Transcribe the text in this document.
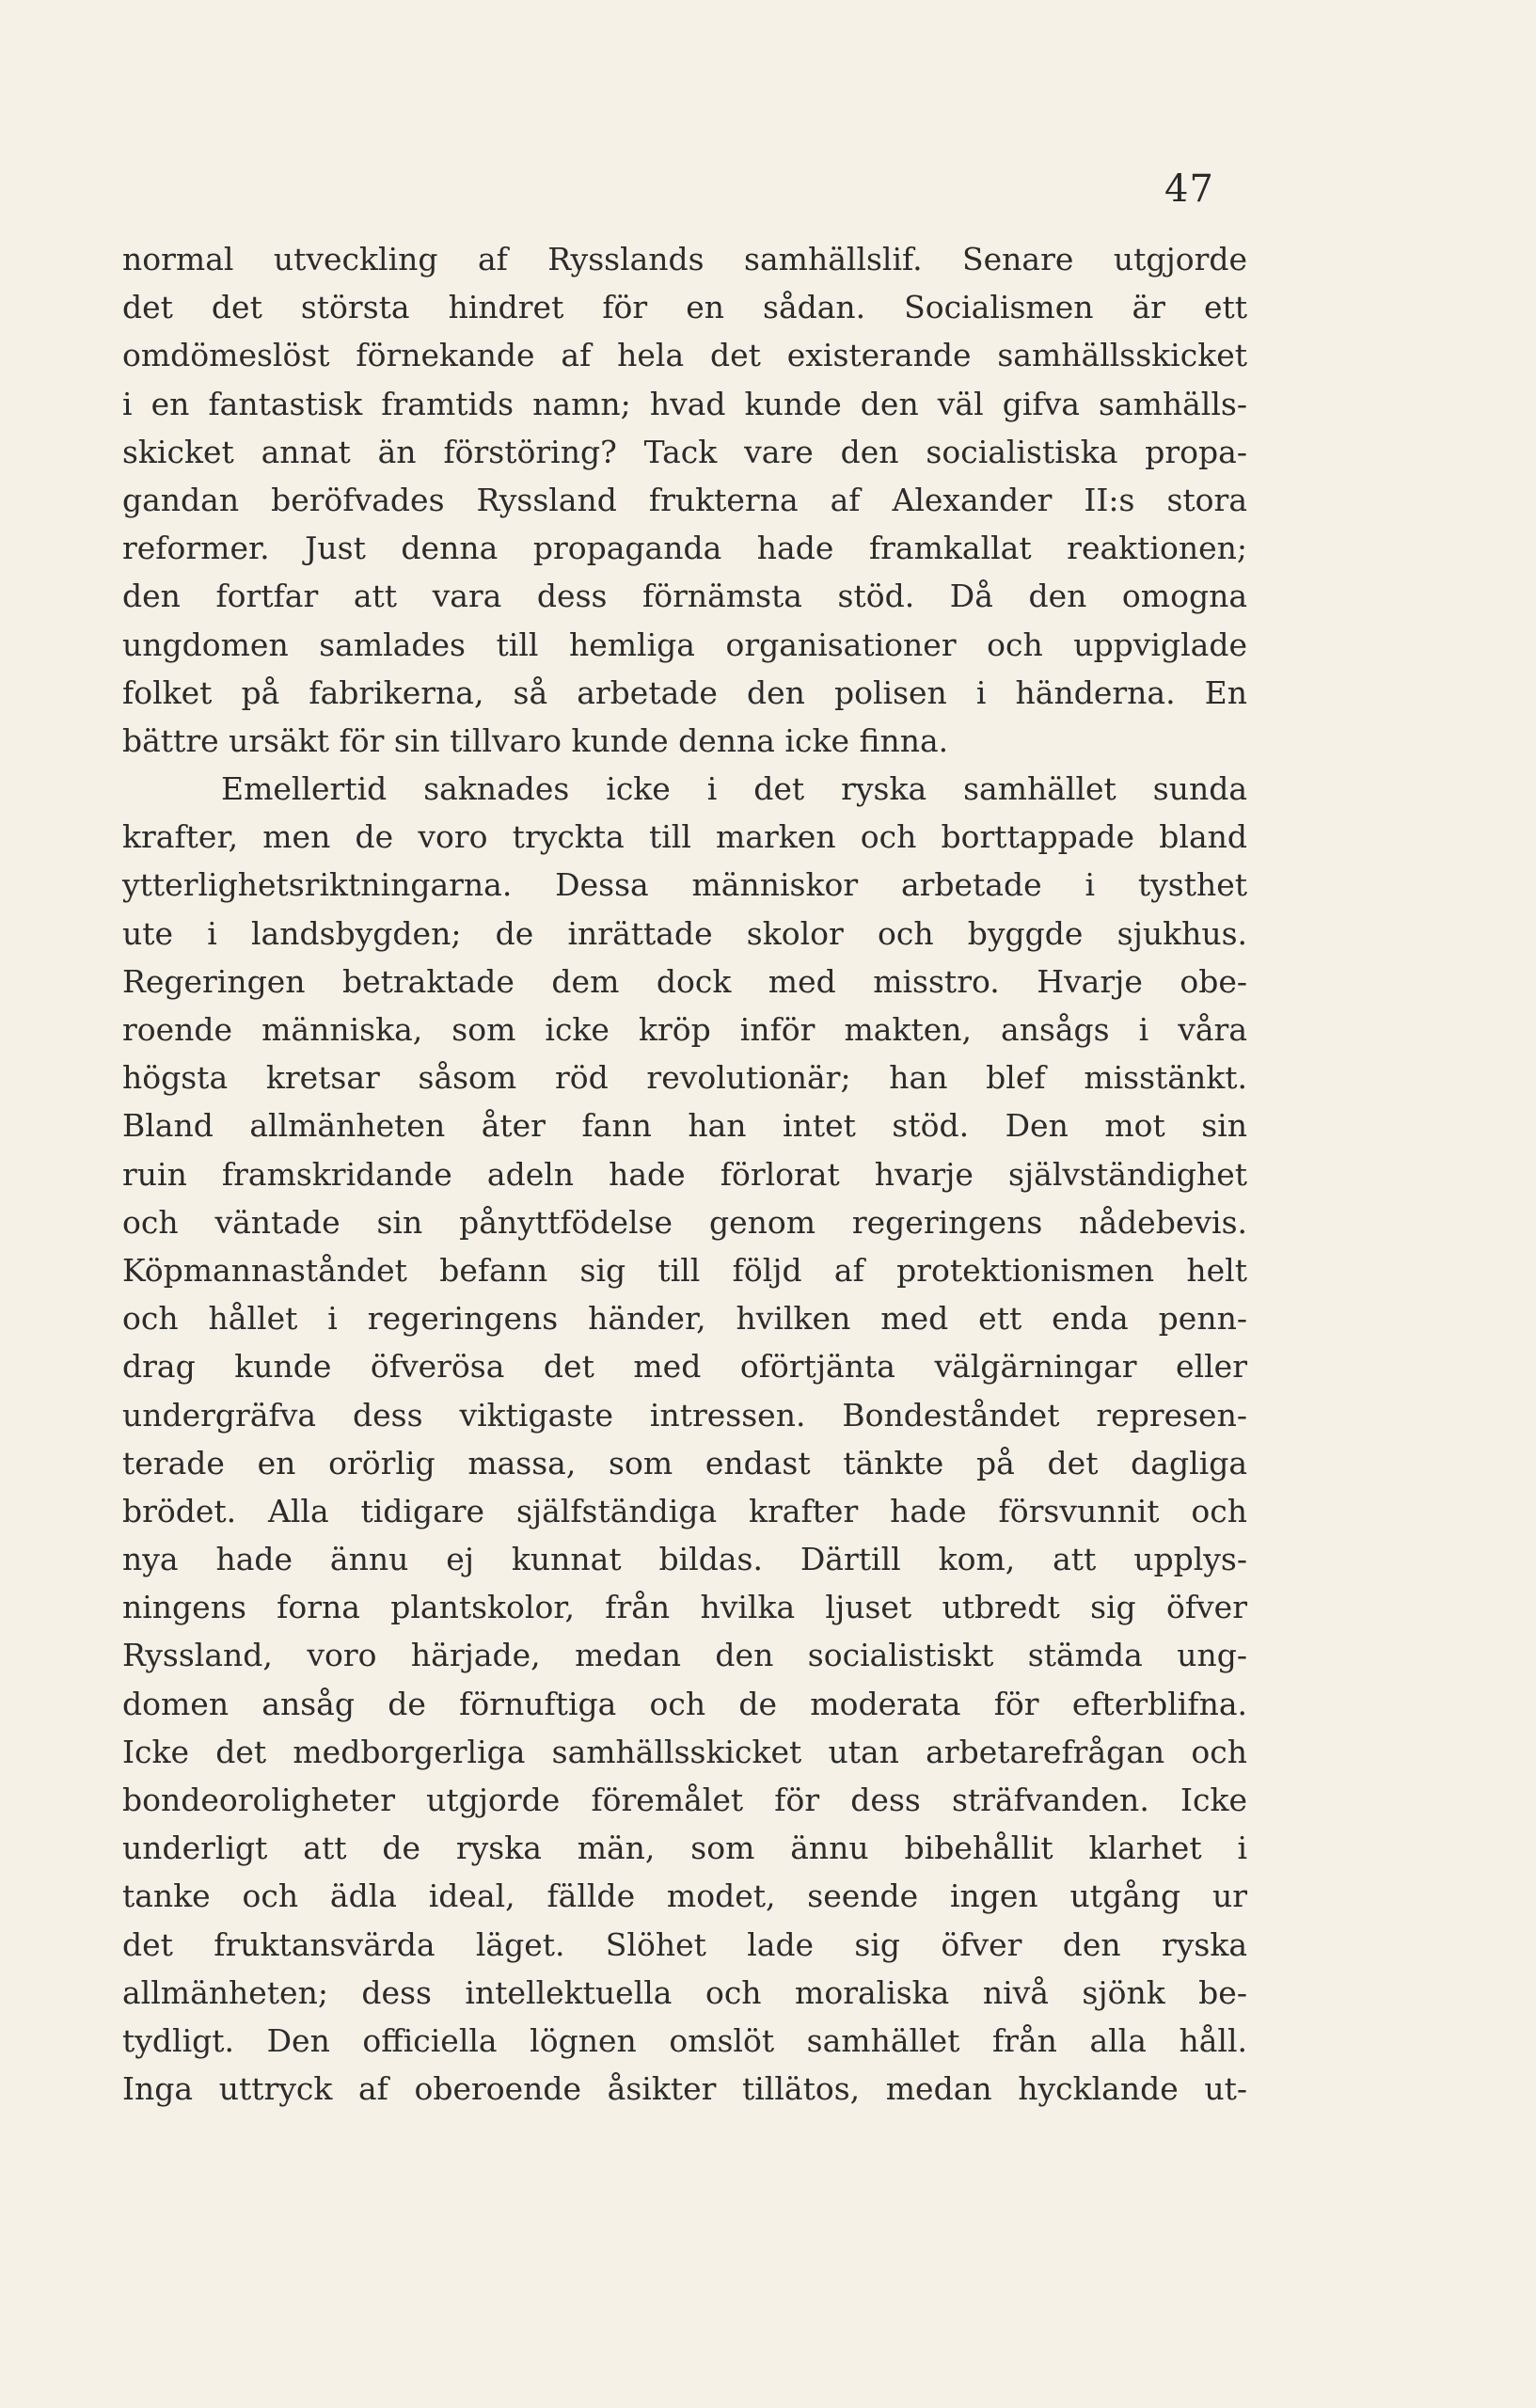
47
normal utveckling af Rysslands samhällslif. Senare utgjorde
det det största hindret för en sådan. Socialismen är ett
omdömeslöst förnekande af hela det existerande samhällsskicket
i en fantastisk framtids namn; hvad kunde den väl gifva samhälls-
skicket annat än förstöring? Tack vare den socialistiska propa-
gandan beröfvades Ryssland frukterna af Alexander II:s stora
reformer. Just denna propaganda hade framkallat reaktionen;
den fortfar att vara dess förnämsta stöd. Då den omogna
ungdomen samlades till hemliga organisationer och uppviglade
folket på fabrikerna, så arbetade den polisen i händerna. En
bättre ursäkt för sin tillvaro kunde denna icke finna.
Emellertid saknades icke i det ryska samhället sunda
krafter, men de voro tryckta till marken och borttappade bland
ytterlighetsriktningarna. Dessa människor arbetade i tysthet
ute i landsbygden; de inrättade skolor och byggde sjukhus.
Regeringen betraktade dem dock med misstro. Hvarje obe-
roende människa, som icke kröp inför makten, ansågs i våra
högsta kretsar såsom röd revolutionär; han blef misstänkt.
Bland allmänheten åter fann han intet stöd. Den mot sin
ruin framskridande adeln hade förlorat hvarje självständighet
och väntade sin pånyttfödelse genom regeringens nådebevis.
Köpmannaståndet befann sig till följd af protektionismen helt
och hållet i regeringens händer, hvilken med ett enda penn-
drag kunde öfverösa det med oförtjänta välgärningar eller
undergräfva dess viktigaste intressen. Bondeståndet represen-
terade en orörlig massa, som endast tänkte på det dagliga
brödet. Alla tidigare själfständiga krafter hade försvunnit och
nya hade ännu ej kunnat bildas. Därtill kom, att upplys-
ningens forna plantskolor, från hvilka ljuset utbredt sig öfver
Ryssland, voro härjade, medan den socialistiskt stämda ung-
domen ansåg de förnuftiga och de moderata för efterblifna.
Icke det medborgerliga samhällsskicket utan arbetarefrågan och
bondeoroligheter utgjorde föremålet för dess sträfvanden. Icke
underligt att de ryska män, som ännu bibehållit klarhet i
tanke och ädla ideal, fällde modet, seende ingen utgång ur
det fruktansvärda läget. Slöhet lade sig öfver den ryska
allmänheten; dess intellektuella och moraliska nivå sjönk be-
tydligt. Den officiella lögnen omslöt samhället från alla håll.
Inga uttryck af oberoende åsikter tillätos, medan hycklande ut-
